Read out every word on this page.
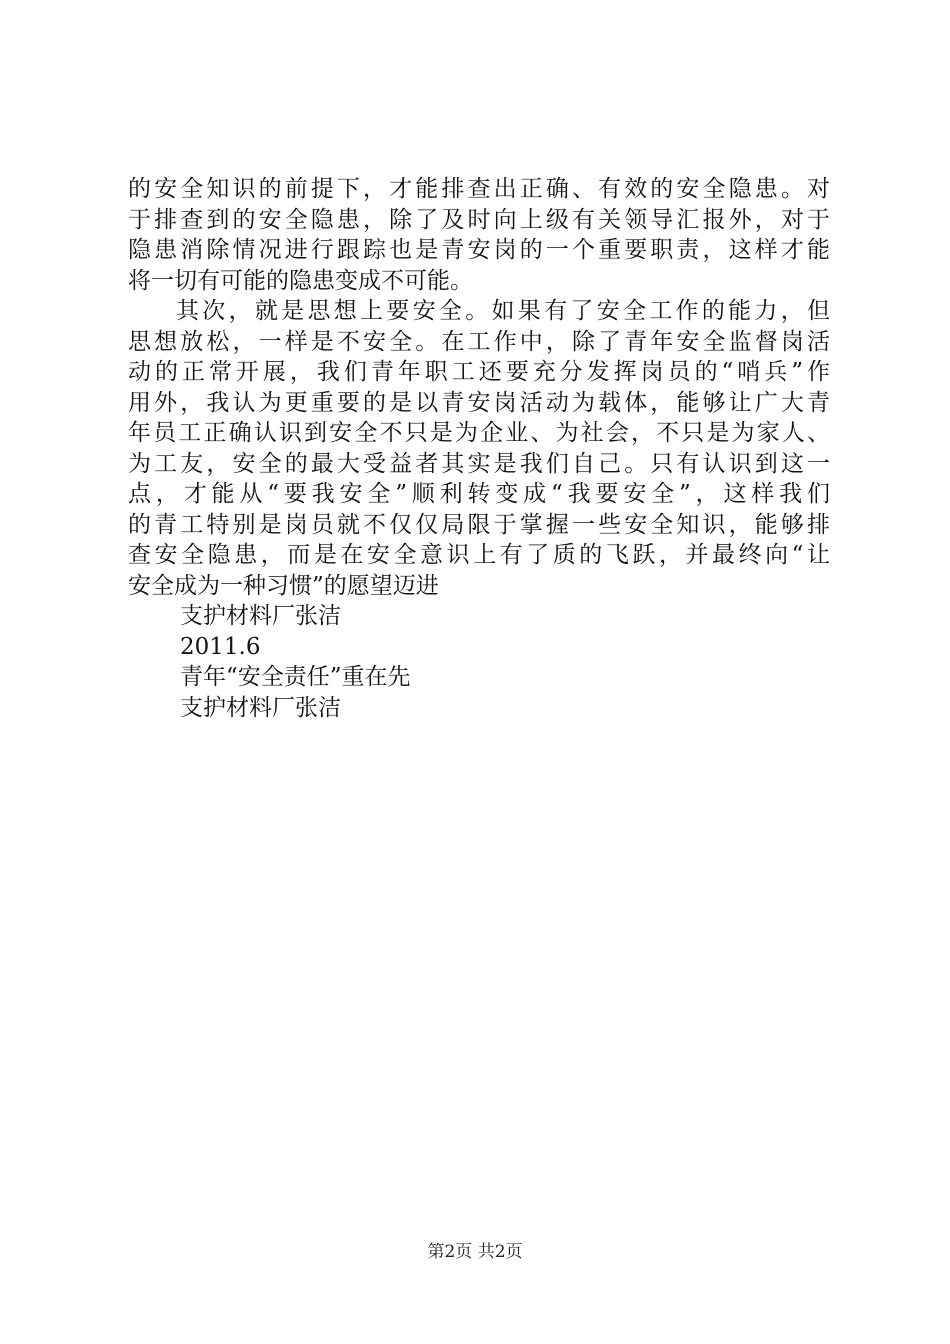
的安全知识的前提下，才能排查出正确、有效的安全隐患。对
于排查到的安全隐患，除了及时向上级有关领导汇报外，对于
隐患消除情况进行跟踪也是青安岗的一个重要职责，这样才能
将一切有可能的隐患变成不可能。
其次，就是思想上要安全。如果有了安全工作的能力，但
思想放松，一样是不安全。在工作中，除了青年安全监督岗活
动的正常开展，我们青年职工还要充分发挥岗员的“哨兵”作
用外，我认为更重要的是以青安岗活动为载体，能够让广大青
年员工正确认识到安全不只是为企业、为社会，不只是为家人、
为工友，安全的最大受益者其实是我们自己。只有认识到这一
点，才能从“要我安全”顺利转变成“我要安全”，这样我们
的青工特别是岗员就不仅仅局限于掌握一些安全知识，能够排
查安全隐患，而是在安全意识上有了质的飞跃，并最终向“让
安全成为一种习惯”的愿望迈进
支护材料厂张洁
2011.6
青年“安全责任”重在先
支护材料厂张洁
第2页 共2页
